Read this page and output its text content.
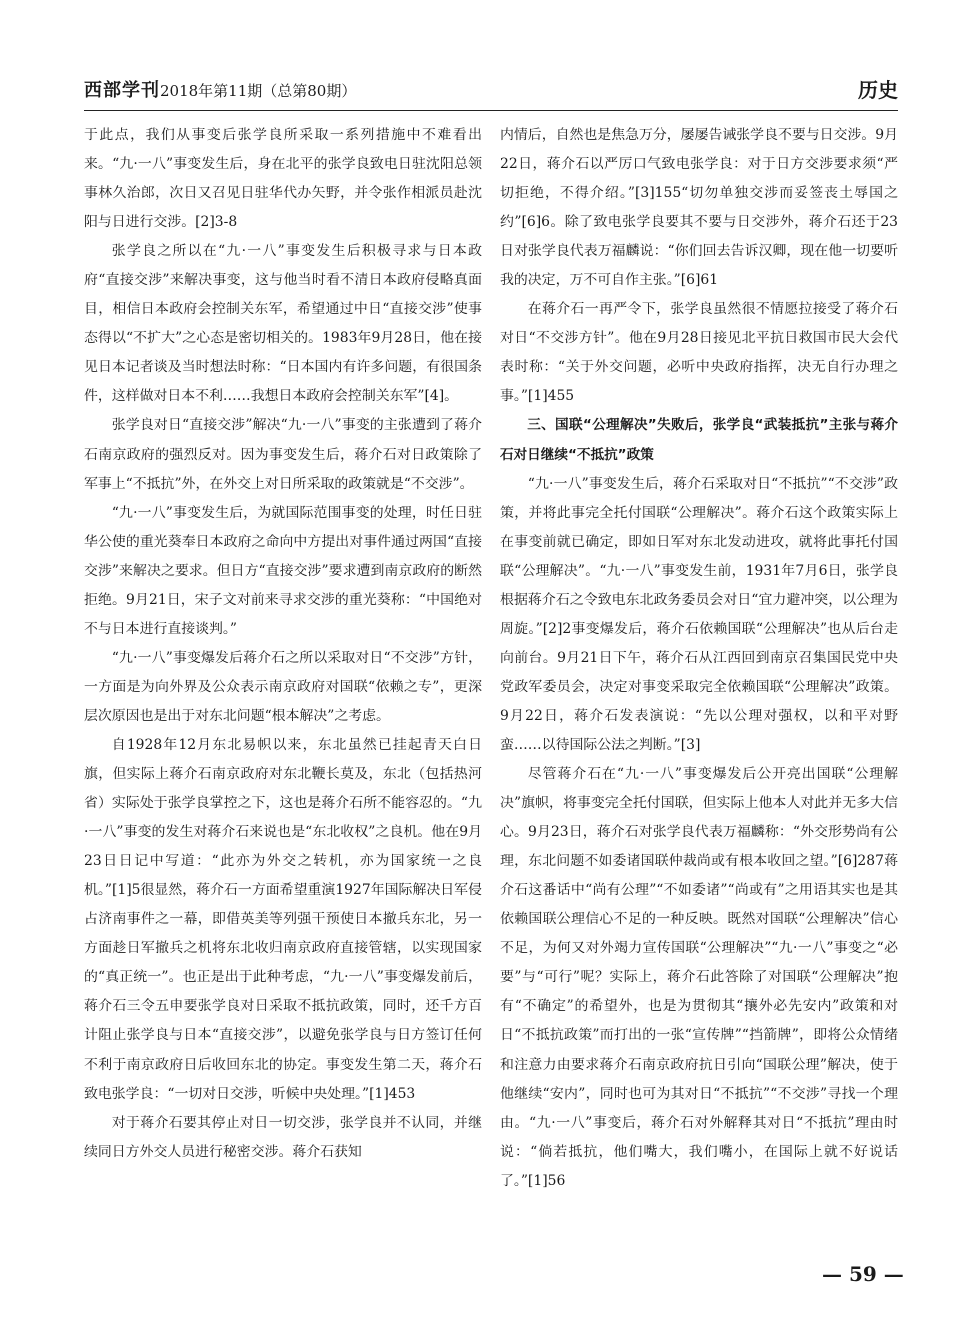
西部学刊2018年第11期（总第80期）	历史

于此点，我们从事变后张学良所采取一系列措施中不难看出来。“九·一八”事变发生后，身在北平的张学良致电日驻沈阳总领事林久治郎，次日又召见日驻华代办矢野，并令张作相派员赴沈阳与日进行交涉。[2]3-8

张学良之所以在“九·一八”事变发生后积极寻求与日本政府“直接交涉”来解决事变，这与他当时看不清日本政府侵略真面目，相信日本政府会控制关东军，希望通过中日“直接交涉”使事态得以“不扩大”之心态是密切相关的。1983年9月28日，他在接见日本记者谈及当时想法时称：“日本国内有许多问题，有很国条件，这样做对日本不利……我想日本政府会控制关东军”[4]。

张学良对日“直接交涉”解决“九·一八”事变的主张遭到了蒋介石南京政府的强烈反对。因为事变发生后，蒋介石对日政策除了军事上“不抵抗”外，在外交上对日所采取的政策就是“不交涉”。

“九·一八”事变发生后，为就国际范围事变的处理，时任日驻华公使的重光葵奉日本政府之命向中方提出对事件通过两国“直接交涉”来解决之要求。但日方“直接交涉”要求遭到南京政府的断然拒绝。9月21日，宋子文对前来寻求交涉的重光葵称：“中国绝对不与日本进行直接谈判。”

“九·一八”事变爆发后蒋介石之所以采取对日“不交涉”方针，一方面是为向外界及公众表示南京政府对国联“依赖之专”，更深层次原因也是出于对东北问题“根本解决”之考虑。

自1928年12月东北易帜以来，东北虽然已挂起青天白日旗，但实际上蒋介石南京政府对东北鞭长莫及，东北（包括热河省）实际处于张学良掌控之下，这也是蒋介石所不能容忍的。“九·一八”事变的发生对蒋介石来说也是“东北收权”之良机。他在9月23日日记中写道：“此亦为外交之转机，亦为国家统一之良机。”[1]5很显然，蒋介石一方面希望重演1927年国际解决日军侵占济南事件之一幕，即借英美等列强干预使日本撤兵东北，另一方面趁日军撤兵之机将东北收归南京政府直接管辖，以实现国家的“真正统一”。也正是出于此种考虑，“九·一八”事变爆发前后，蒋介石三令五申要张学良对日采取不抵抗政策，同时，还千方百计阻止张学良与日本“直接交涉”，以避免张学良与日方签订任何不利于南京政府日后收回东北的协定。事变发生第二天，蒋介石致电张学良：“一切对日交涉，听候中央处理。”[1]453

对于蒋介石要其停止对日一切交涉，张学良并不认同，并继续同日方外交人员进行秘密交涉。蒋介石获知

内情后，自然也是焦急万分，屡屡告诫张学良不要与日交涉。9月22日，蒋介石以严厉口气致电张学良：对于日方交涉要求须“严切拒绝，不得介绍。”[3]155“切勿单独交涉而妥签丧土辱国之约”[6]6。除了致电张学良要其不要与日交涉外，蒋介石还于23日对张学良代表万福麟说：“你们回去告诉汉卿，现在他一切要听我的决定，万不可自作主张。”[6]61

在蒋介石一再严令下，张学良虽然很不情愿拉接受了蒋介石对日“不交涉方针”。他在9月28日接见北平抗日救国市民大会代表时称：“关于外交问题，必听中央政府指挥，决无自行办理之事。”[1]455

三、国联“公理解决”失败后，张学良“武装抵抗”主张与蒋介石对日继续“不抵抗”政策

“九·一八”事变发生后，蒋介石采取对日“不抵抗”“不交涉”政策，并将此事完全托付国联“公理解决”。蒋介石这个政策实际上在事变前就已确定，即如日军对东北发动进攻，就将此事托付国联“公理解决”。“九·一八”事变发生前，1931年7月6日，张学良根据蒋介石之令致电东北政务委员会对日“宜力避冲突，以公理为周旋。”[2]2事变爆发后，蒋介石依赖国联“公理解决”也从后台走向前台。9月21日下午，蒋介石从江西回到南京召集国民党中央党政军委员会，决定对事变采取完全依赖国联“公理解决”政策。9月22日，蒋介石发表演说：“先以公理对强权，以和平对野蛮……以待国际公法之判断。”[3]

尽管蒋介石在“九·一八”事变爆发后公开亮出国联“公理解决”旗帜，将事变完全托付国联，但实际上他本人对此并无多大信心。9月23日，蒋介石对张学良代表万福麟称：“外交形势尚有公理，东北问题不如委诸国联仲裁尚或有根本收回之望。”[6]287蒋介石这番话中“尚有公理”“不如委诸”“尚或有”之用语其实也是其依赖国联公理信心不足的一种反映。既然对国联“公理解决”信心不足，为何又对外竭力宣传国联“公理解决”“九·一八”事变之“必要”与“可行”呢？实际上，蒋介石此答除了对国联“公理解决”抱有“不确定”的希望外，也是为贯彻其“攘外必先安内”政策和对日“不抵抗政策”而打出的一张“宣传牌”“挡箭牌”，即将公众情绪和注意力由要求蒋介石南京政府抗日引向“国联公理”解决，使于他继续“安内”，同时也可为其对日“不抵抗”“不交涉”寻找一个理由。“九·一八”事变后，蒋介石对外解释其对日“不抵抗”理由时说：“倘若抵抗，他们嘴大，我们嘴小，在国际上就不好说话了。”[1]56

— 59 —
